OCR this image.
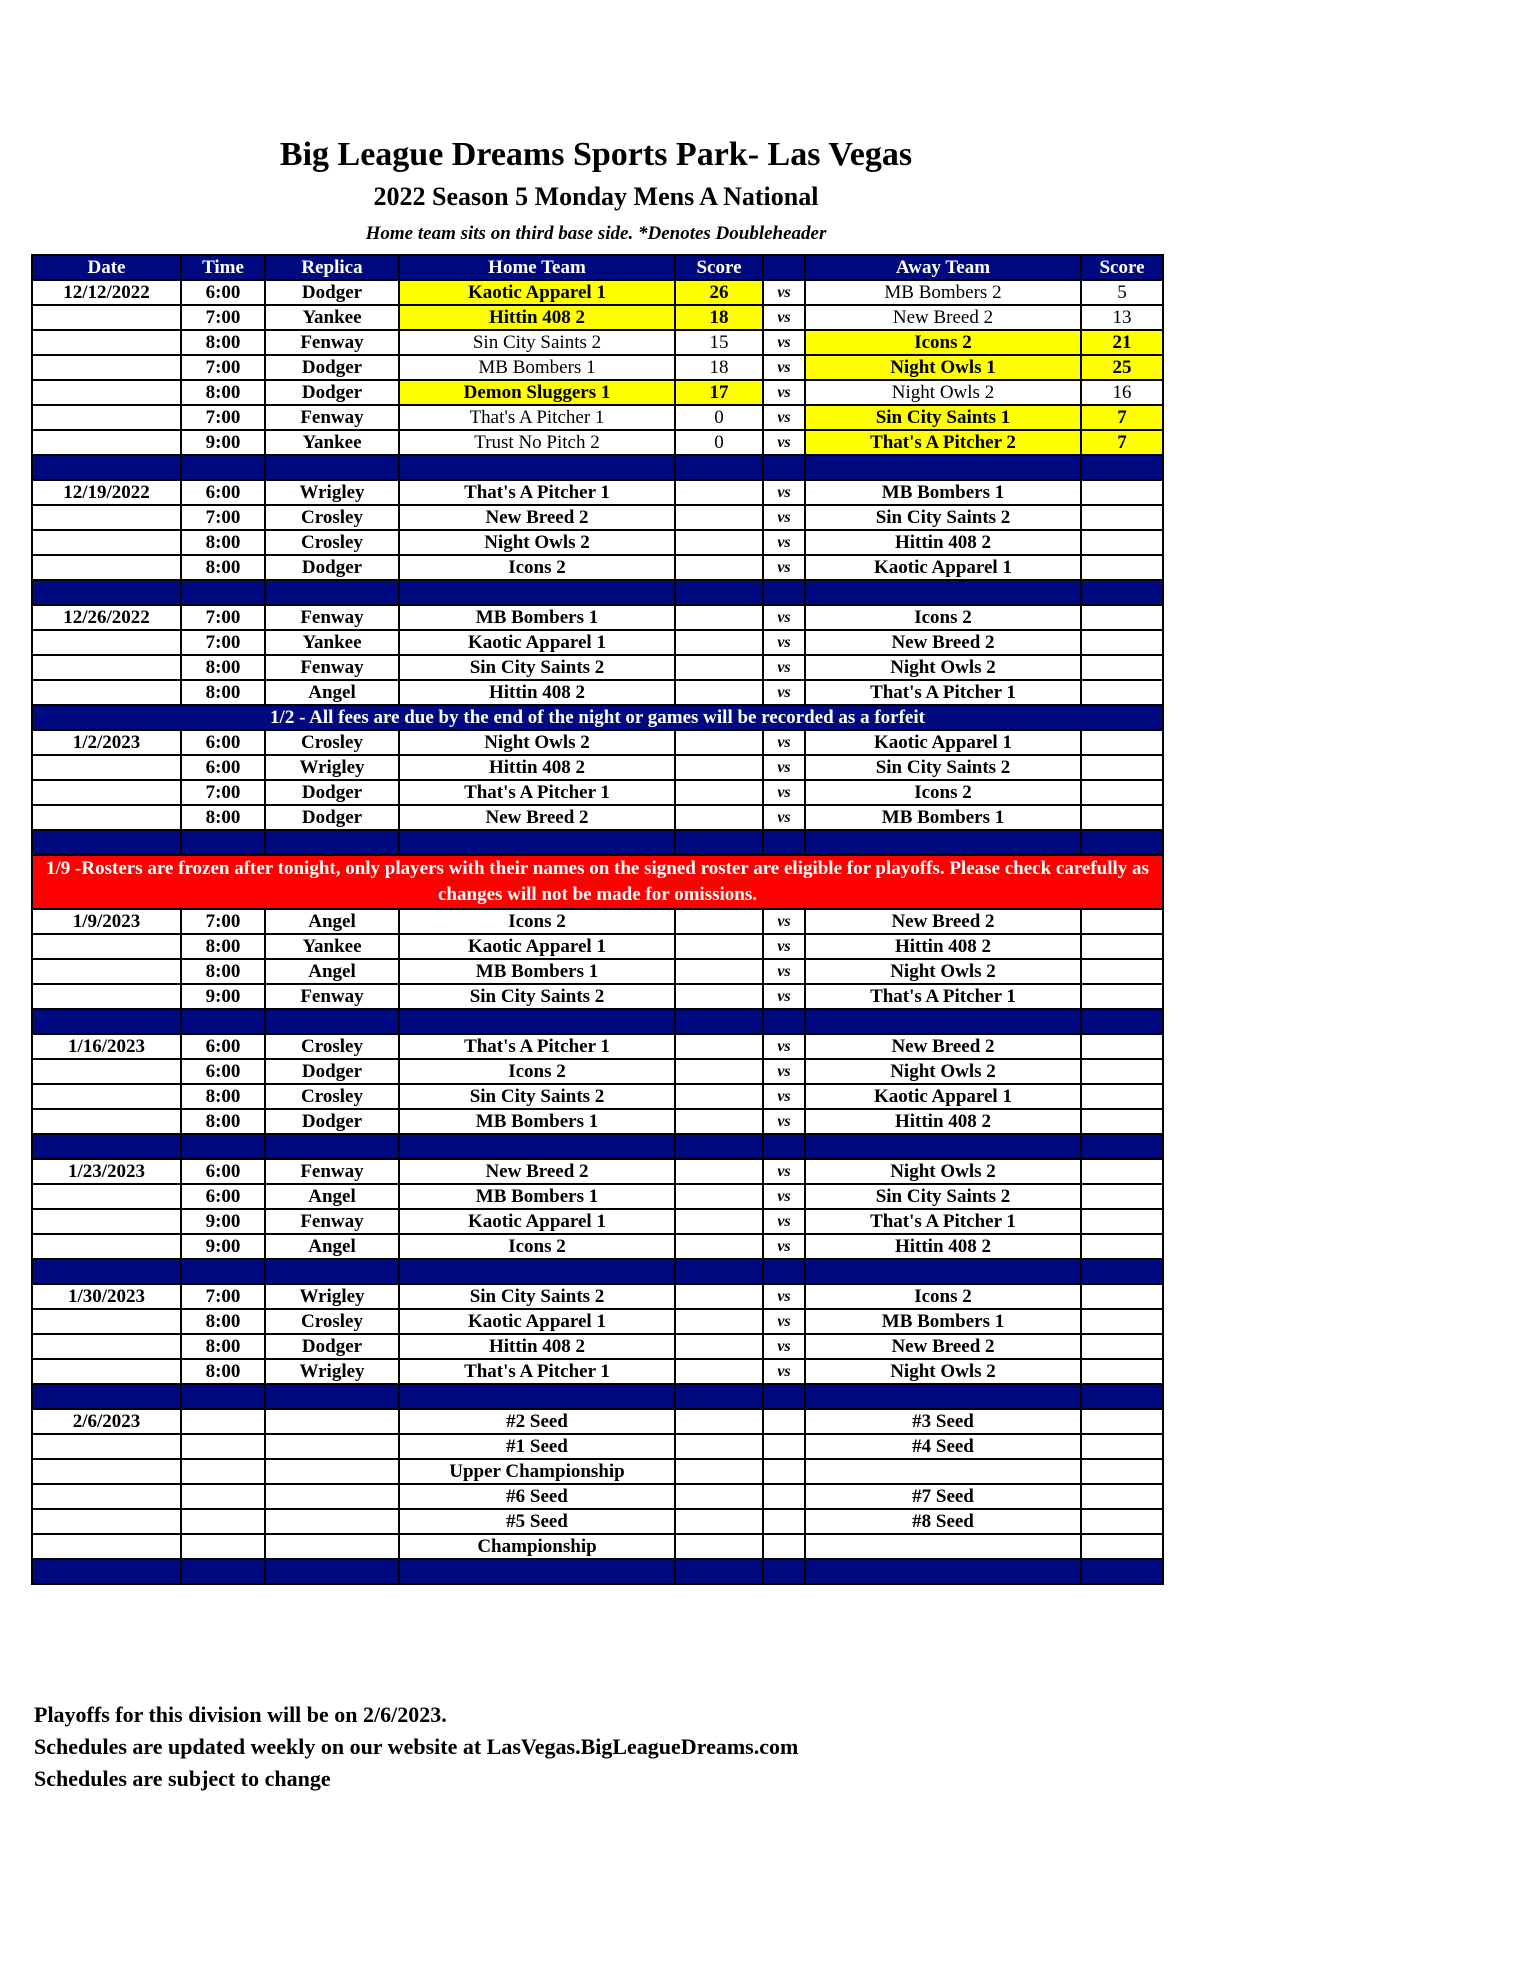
Big League Dreams Sports Park- Las Vegas
2022 Season 5 Monday Mens A National
Home team sits on third base side. *Denotes Doubleheader
Date	Time	Replica	Home Team	Score		Away Team	Score
12/12/2022	6:00	Dodger	Kaotic Apparel 1	26	vs	MB Bombers 2	5
	7:00	Yankee	Hittin 408 2	18	vs	New Breed 2	13
	8:00	Fenway	Sin City Saints 2	15	vs	Icons 2	21
	7:00	Dodger	MB Bombers 1	18	vs	Night Owls 1	25
	8:00	Dodger	Demon Sluggers 1	17	vs	Night Owls 2	16
	7:00	Fenway	That's A Pitcher 1	0	vs	Sin City Saints 1	7
	9:00	Yankee	Trust No Pitch 2	0	vs	That's A Pitcher 2	7

12/19/2022	6:00	Wrigley	That's A Pitcher 1		vs	MB Bombers 1	
	7:00	Crosley	New Breed 2		vs	Sin City Saints 2	
	8:00	Crosley	Night Owls 2		vs	Hittin 408 2	
	8:00	Dodger	Icons 2		vs	Kaotic Apparel 1	

12/26/2022	7:00	Fenway	MB Bombers 1		vs	Icons 2	
	7:00	Yankee	Kaotic Apparel 1		vs	New Breed 2	
	8:00	Fenway	Sin City Saints 2		vs	Night Owls 2	
	8:00	Angel	Hittin 408 2		vs	That's A Pitcher 1	
1/2 - All fees are due by the end of the night or games will be recorded as a forfeit							
1/2/2023	6:00	Crosley	Night Owls 2		vs	Kaotic Apparel 1	
	6:00	Wrigley	Hittin 408 2		vs	Sin City Saints 2	
	7:00	Dodger	That's A Pitcher 1		vs	Icons 2	
	8:00	Dodger	New Breed 2		vs	MB Bombers 1	

1/9 -Rosters are frozen after tonight, only players with their names on the signed roster are eligible for playoffs. Please check carefully as changes will not be made for omissions.							
1/9/2023	7:00	Angel	Icons 2		vs	New Breed 2	
	8:00	Yankee	Kaotic Apparel 1		vs	Hittin 408 2	
	8:00	Angel	MB Bombers 1		vs	Night Owls 2	
	9:00	Fenway	Sin City Saints 2		vs	That's A Pitcher 1	

1/16/2023	6:00	Crosley	That's A Pitcher 1		vs	New Breed 2	
	6:00	Dodger	Icons 2		vs	Night Owls 2	
	8:00	Crosley	Sin City Saints 2		vs	Kaotic Apparel 1	
	8:00	Dodger	MB Bombers 1		vs	Hittin 408 2	

1/23/2023	6:00	Fenway	New Breed 2		vs	Night Owls 2	
	6:00	Angel	MB Bombers 1		vs	Sin City Saints 2	
	9:00	Fenway	Kaotic Apparel 1		vs	That's A Pitcher 1	
	9:00	Angel	Icons 2		vs	Hittin 408 2	

1/30/2023	7:00	Wrigley	Sin City Saints 2		vs	Icons 2	
	8:00	Crosley	Kaotic Apparel 1		vs	MB Bombers 1	
	8:00	Dodger	Hittin 408 2		vs	New Breed 2	
	8:00	Wrigley	That's A Pitcher 1		vs	Night Owls 2	

2/6/2023			#2 Seed			#3 Seed	
			#1 Seed			#4 Seed	
			Upper Championship				
			#6 Seed			#7 Seed	
			#5 Seed			#8 Seed	
			Championship				

Playoffs for this division will be on 2/6/2023.
Schedules are updated weekly on our website at LasVegas.BigLeagueDreams.com
Schedules are subject to change
